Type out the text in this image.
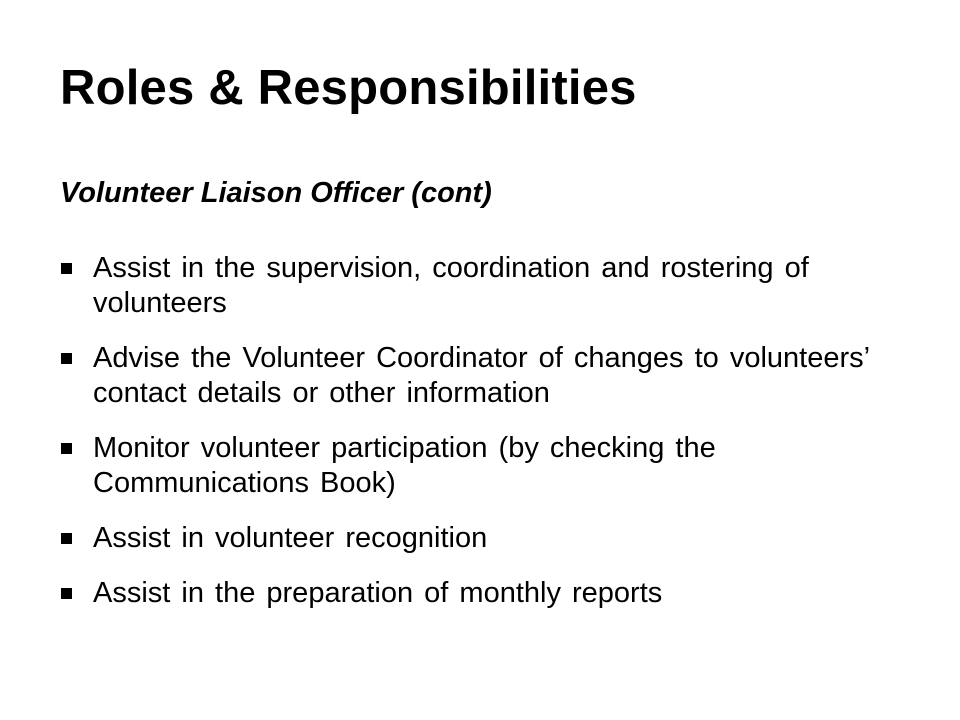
Roles & Responsibilities
Volunteer Liaison Officer (cont)
Assist in the supervision, coordination and rostering of volunteers
Advise the Volunteer Coordinator of changes to volunteers’ contact details or other information
Monitor volunteer participation (by checking the Communications Book)
Assist in volunteer recognition
Assist in the preparation of monthly reports
